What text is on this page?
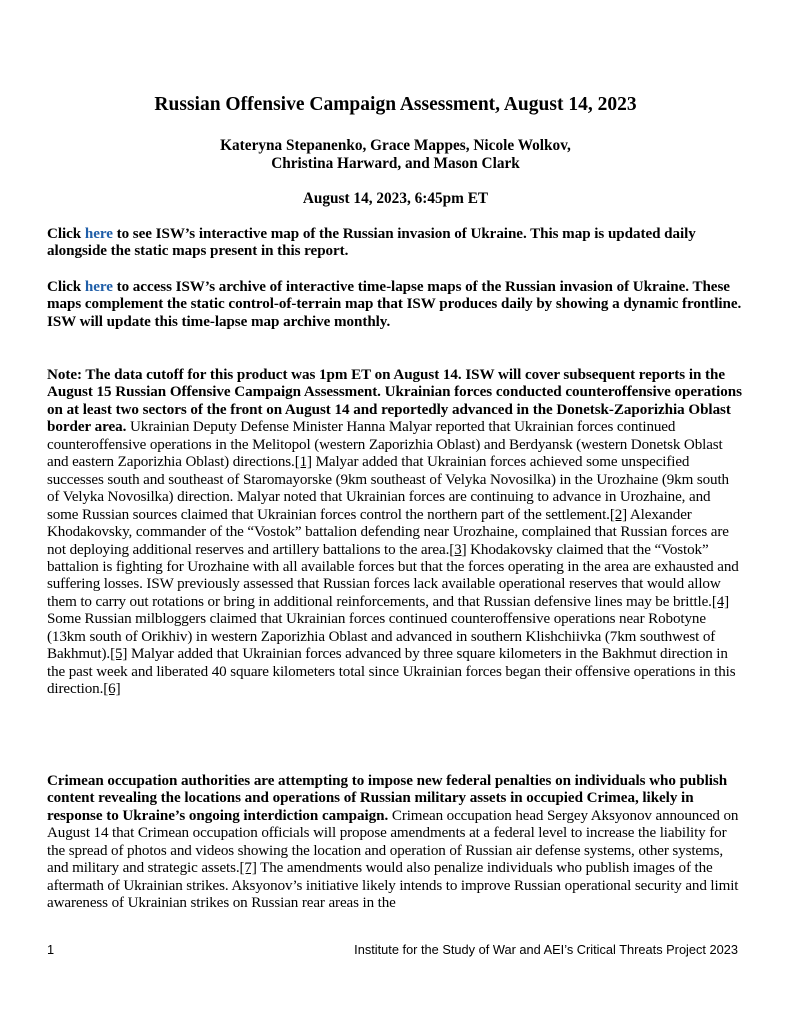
Russian Offensive Campaign Assessment, August 14, 2023
Kateryna Stepanenko, Grace Mappes, Nicole Wolkov,
Christina Harward, and Mason Clark
August 14, 2023, 6:45pm ET

Click here to see ISW’s interactive map of the Russian invasion of Ukraine. This map is updated daily alongside the static maps present in this report.

Click here to access ISW’s archive of interactive time-lapse maps of the Russian invasion of Ukraine. These maps complement the static control-of-terrain map that ISW produces daily by showing a dynamic frontline. ISW will update this time-lapse map archive monthly.

Note: The data cutoff for this product was 1pm ET on August 14. ISW will cover subsequent reports in the August 15 Russian Offensive Campaign Assessment. Ukrainian forces conducted counteroffensive operations on at least two sectors of the front on August 14 and reportedly advanced in the Donetsk-Zaporizhia Oblast border area. Ukrainian Deputy Defense Minister Hanna Malyar reported that Ukrainian forces continued counteroffensive operations in the Melitopol (western Zaporizhia Oblast) and Berdyansk (western Donetsk Oblast and eastern Zaporizhia Oblast) directions.[1] Malyar added that Ukrainian forces achieved some unspecified successes south and southeast of Staromayorske (9km southeast of Velyka Novosilka) in the Urozhaine (9km south of Velyka Novosilka) direction. Malyar noted that Ukrainian forces are continuing to advance in Urozhaine, and some Russian sources claimed that Ukrainian forces control the northern part of the settlement.[2] Alexander Khodakovsky, commander of the “Vostok” battalion defending near Urozhaine, complained that Russian forces are not deploying additional reserves and artillery battalions to the area.[3] Khodakovsky claimed that the “Vostok” battalion is fighting for Urozhaine with all available forces but that the forces operating in the area are exhausted and suffering losses. ISW previously assessed that Russian forces lack available operational reserves that would allow them to carry out rotations or bring in additional reinforcements, and that Russian defensive lines may be brittle.[4] Some Russian milbloggers claimed that Ukrainian forces continued counteroffensive operations near Robotyne (13km south of Orikhiv) in western Zaporizhia Oblast and advanced in southern Klishchiivka (7km southwest of Bakhmut).[5] Malyar added that Ukrainian forces advanced by three square kilometers in the Bakhmut direction in the past week and liberated 40 square kilometers total since Ukrainian forces began their offensive operations in this direction.[6]

Crimean occupation authorities are attempting to impose new federal penalties on individuals who publish content revealing the locations and operations of Russian military assets in occupied Crimea, likely in response to Ukraine’s ongoing interdiction campaign. Crimean occupation head Sergey Aksyonov announced on August 14 that Crimean occupation officials will propose amendments at a federal level to increase the liability for the spread of photos and videos showing the location and operation of Russian air defense systems, other systems, and military and strategic assets.[7] The amendments would also penalize individuals who publish images of the aftermath of Ukrainian strikes. Aksyonov’s initiative likely intends to improve Russian operational security and limit awareness of Ukrainian strikes on Russian rear areas in the

1	Institute for the Study of War and AEI’s Critical Threats Project 2023
